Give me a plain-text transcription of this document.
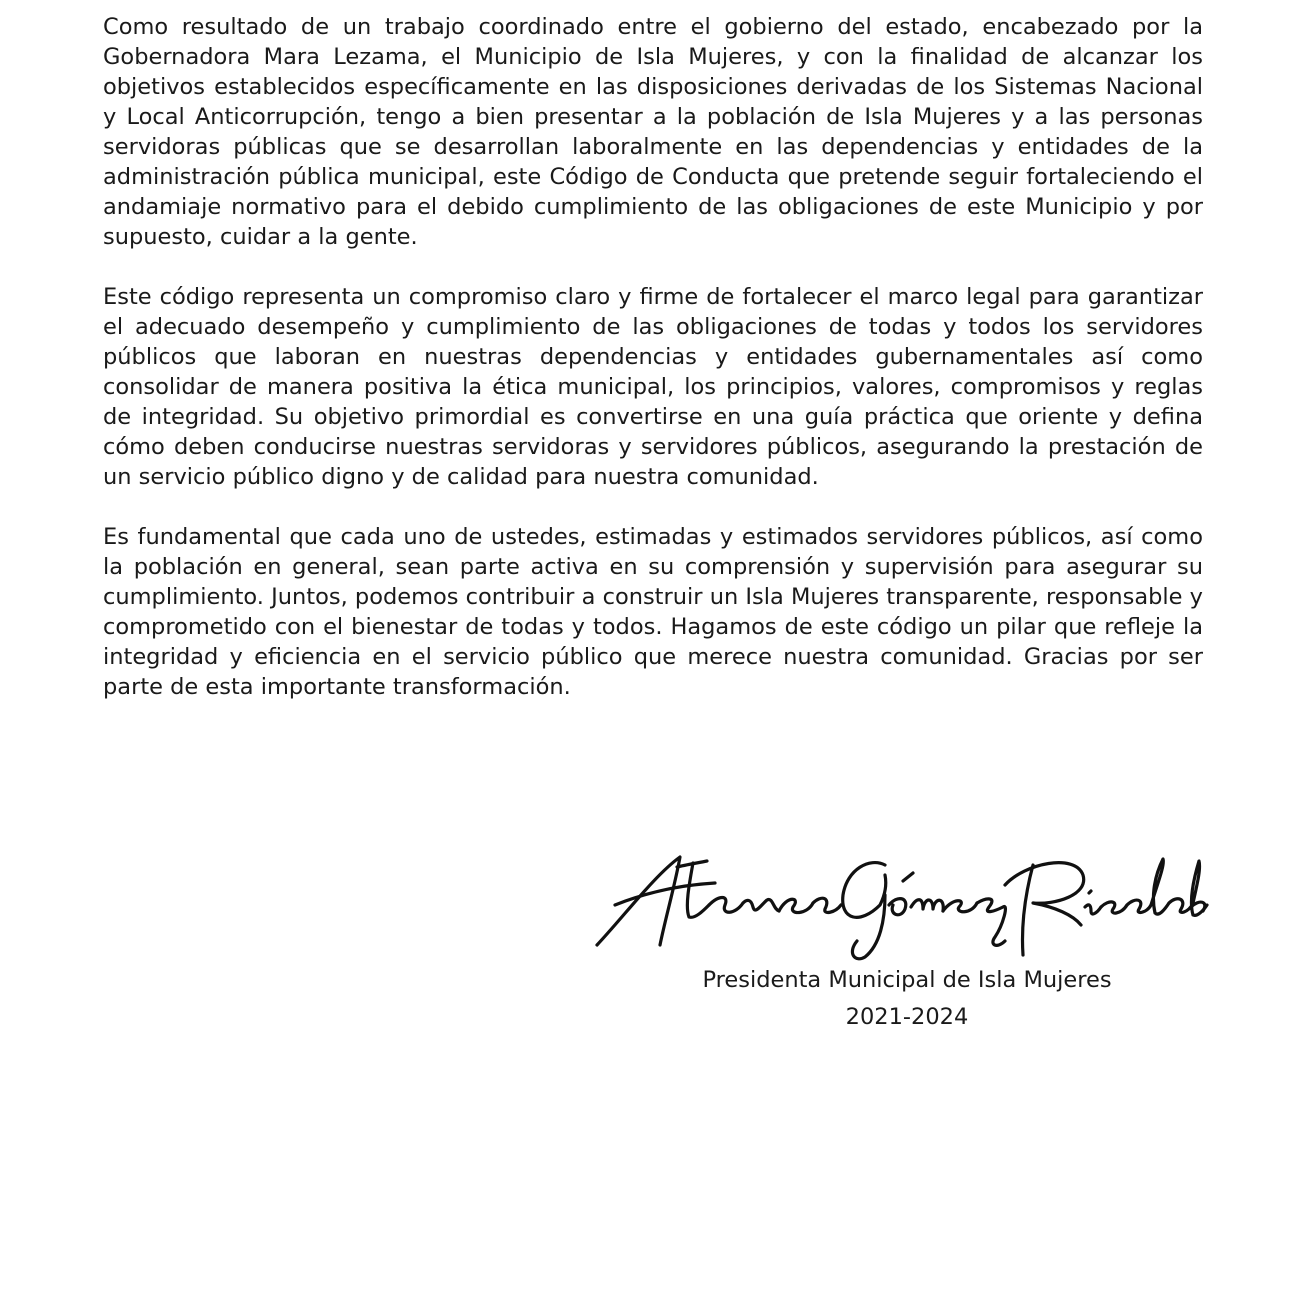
Como resultado de un trabajo coordinado entre el gobierno del estado, encabezado por la Gobernadora Mara Lezama, el Municipio de Isla Mujeres, y con la finalidad de alcanzar los objetivos establecidos específicamente en las disposiciones derivadas de los Sistemas Nacional y Local Anticorrupción, tengo a bien presentar a la población de Isla Mujeres y a las personas servidoras públicas que se desarrollan laboralmente en las dependencias y entidades de la administración pública municipal, este Código de Conducta que pretende seguir fortaleciendo el andamiaje normativo para el debido cumplimiento de las obligaciones de este Municipio y por supuesto, cuidar a la gente.

Este código representa un compromiso claro y firme de fortalecer el marco legal para garantizar el adecuado desempeño y cumplimiento de las obligaciones de todas y todos los servidores públicos que laboran en nuestras dependencias y entidades gubernamentales así como consolidar de manera positiva la ética municipal, los principios, valores, compromisos y reglas de integridad. Su objetivo primordial es convertirse en una guía práctica que oriente y defina cómo deben conducirse nuestras servidoras y servidores públicos, asegurando la prestación de un servicio público digno y de calidad para nuestra comunidad.

Es fundamental que cada uno de ustedes, estimadas y estimados servidores públicos, así como la población en general, sean parte activa en su comprensión y supervisión para asegurar su cumplimiento. Juntos, podemos contribuir a construir un Isla Mujeres transparente, responsable y comprometido con el bienestar de todas y todos. Hagamos de este código un pilar que refleje la integridad y eficiencia en el servicio público que merece nuestra comunidad. Gracias por ser parte de esta importante transformación.

Presidenta Municipal de Isla Mujeres
2021-2024
